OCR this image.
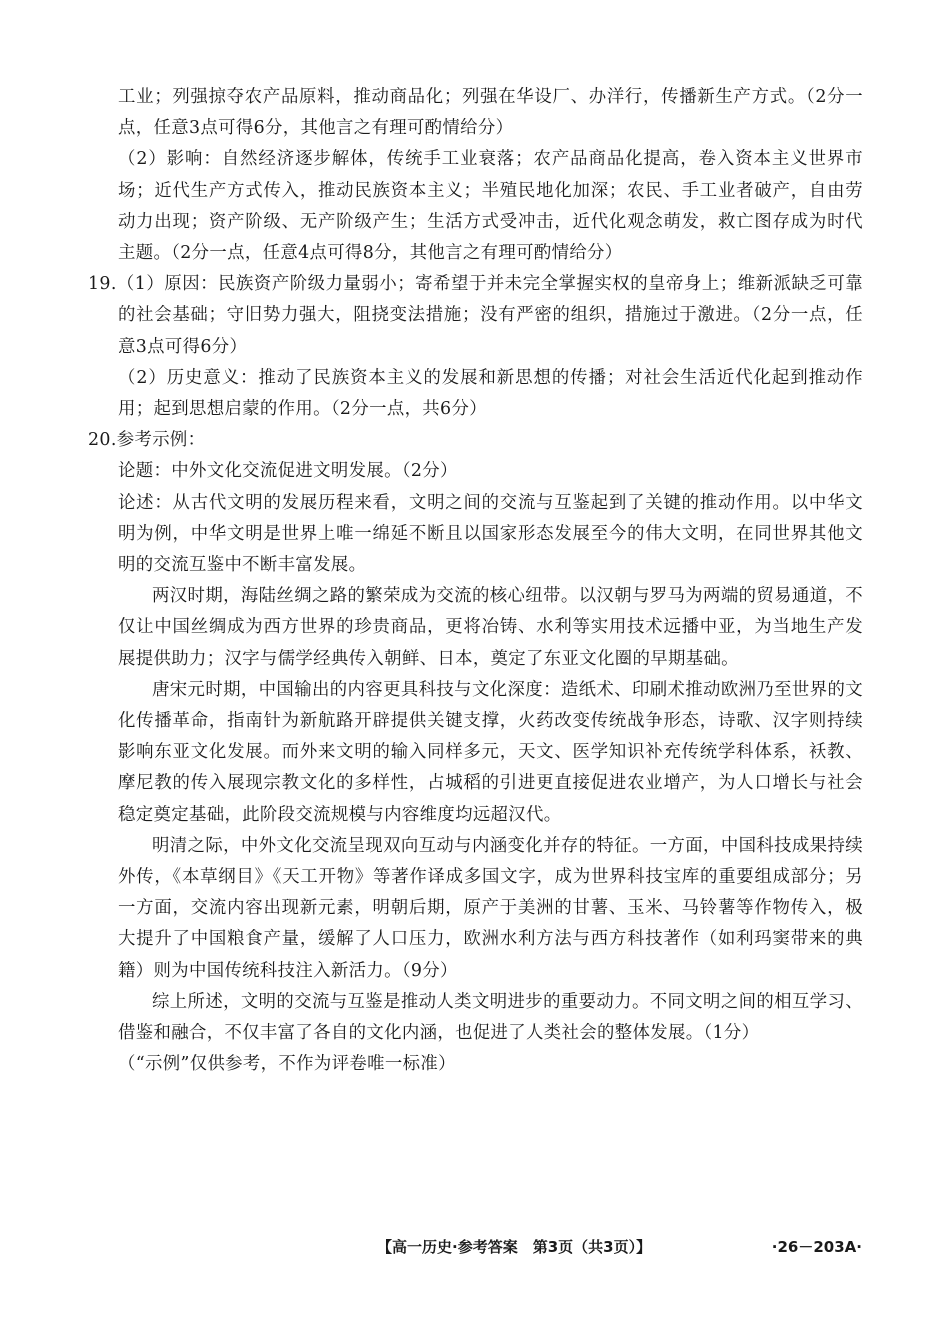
工业；列强掠夺农产品原料，推动商品化；列强在华设厂、办洋行，传播新生产方式。（2分一点，任意3点可得6分，其他言之有理可酌情给分）

（2）影响：自然经济逐步解体，传统手工业衰落；农产品商品化提高，卷入资本主义世界市场；近代生产方式传入，推动民族资本主义；半殖民地化加深；农民、手工业者破产，自由劳动力出现；资产阶级、无产阶级产生；生活方式受冲击，近代化观念萌发，救亡图存成为时代主题。（2分一点，任意4点可得8分，其他言之有理可酌情给分）

19.（1）原因：民族资产阶级力量弱小；寄希望于并未完全掌握实权的皇帝身上；维新派缺乏可靠的社会基础；守旧势力强大，阻挠变法措施；没有严密的组织，措施过于激进。（2分一点，任意3点可得6分）

（2）历史意义：推动了民族资本主义的发展和新思想的传播；对社会生活近代化起到推动作用；起到思想启蒙的作用。（2分一点，共6分）

20.参考示例：

论题：中外文化交流促进文明发展。（2分）

论述：从古代文明的发展历程来看，文明之间的交流与互鉴起到了关键的推动作用。以中华文明为例，中华文明是世界上唯一绵延不断且以国家形态发展至今的伟大文明，在同世界其他文明的交流互鉴中不断丰富发展。

两汉时期，海陆丝绸之路的繁荣成为交流的核心纽带。以汉朝与罗马为两端的贸易通道，不仅让中国丝绸成为西方世界的珍贵商品，更将冶铸、水利等实用技术远播中亚，为当地生产发展提供助力；汉字与儒学经典传入朝鲜、日本，奠定了东亚文化圈的早期基础。

唐宋元时期，中国输出的内容更具科技与文化深度：造纸术、印刷术推动欧洲乃至世界的文化传播革命，指南针为新航路开辟提供关键支撑，火药改变传统战争形态，诗歌、汉字则持续影响东亚文化发展。而外来文明的输入同样多元，天文、医学知识补充传统学科体系，袄教、摩尼教的传入展现宗教文化的多样性，占城稻的引进更直接促进农业增产，为人口增长与社会稳定奠定基础，此阶段交流规模与内容维度均远超汉代。

明清之际，中外文化交流呈现双向互动与内涵变化并存的特征。一方面，中国科技成果持续外传，《本草纲目》《天工开物》等著作译成多国文字，成为世界科技宝库的重要组成部分；另一方面，交流内容出现新元素，明朝后期，原产于美洲的甘薯、玉米、马铃薯等作物传入，极大提升了中国粮食产量，缓解了人口压力，欧洲水利方法与西方科技著作（如利玛窦带来的典籍）则为中国传统科技注入新活力。（9分）

综上所述，文明的交流与互鉴是推动人类文明进步的重要动力。不同文明之间的相互学习、借鉴和融合，不仅丰富了各自的文化内涵，也促进了人类社会的整体发展。（1分）

（“示例”仅供参考，不作为评卷唯一标准）

【高一历史·参考答案　第3页（共3页）】	·26－203A·
